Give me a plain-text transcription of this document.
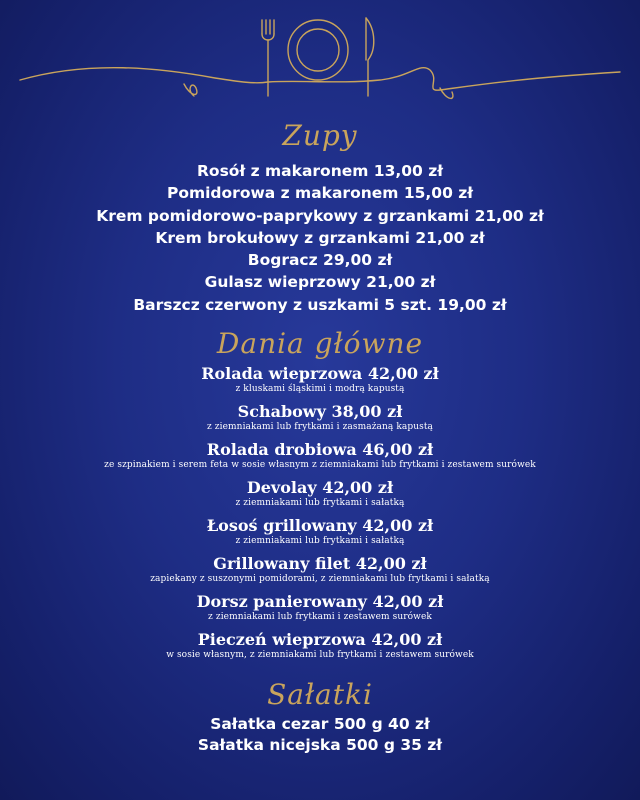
Zupy
Rosół z makaronem 13,00 zł
Pomidorowa z makaronem 15,00 zł
Krem pomidorowo-paprykowy z grzankami 21,00 zł
Krem brokułowy z grzankami 21,00 zł
Bogracz 29,00 zł
Gulasz wieprzowy 21,00 zł
Barszcz czerwony z uszkami 5 szt. 19,00 zł
Dania główne
Rolada wieprzowa 42,00 zł
z kluskami śląskimi i modrą kapustą
Schabowy 38,00 zł
z ziemniakami lub frytkami i zasmażaną kapustą
Rolada drobiowa 46,00 zł
ze szpinakiem i serem feta w sosie własnym z ziemniakami lub frytkami i zestawem surówek
Devolay 42,00 zł
z ziemniakami lub frytkami i sałatką
Łosoś grillowany 42,00 zł
z ziemniakami lub frytkami i sałatką
Grillowany filet 42,00 zł
zapiekany z suszonymi pomidorami, z ziemniakami lub frytkami i sałatką
Dorsz panierowany 42,00 zł
z ziemniakami lub frytkami i zestawem surówek
Pieczeń wieprzowa 42,00 zł
w sosie własnym, z ziemniakami lub frytkami i zestawem surówek
Sałatki
Sałatka cezar 500 g 40 zł
Sałatka nicejska 500 g 35 zł
